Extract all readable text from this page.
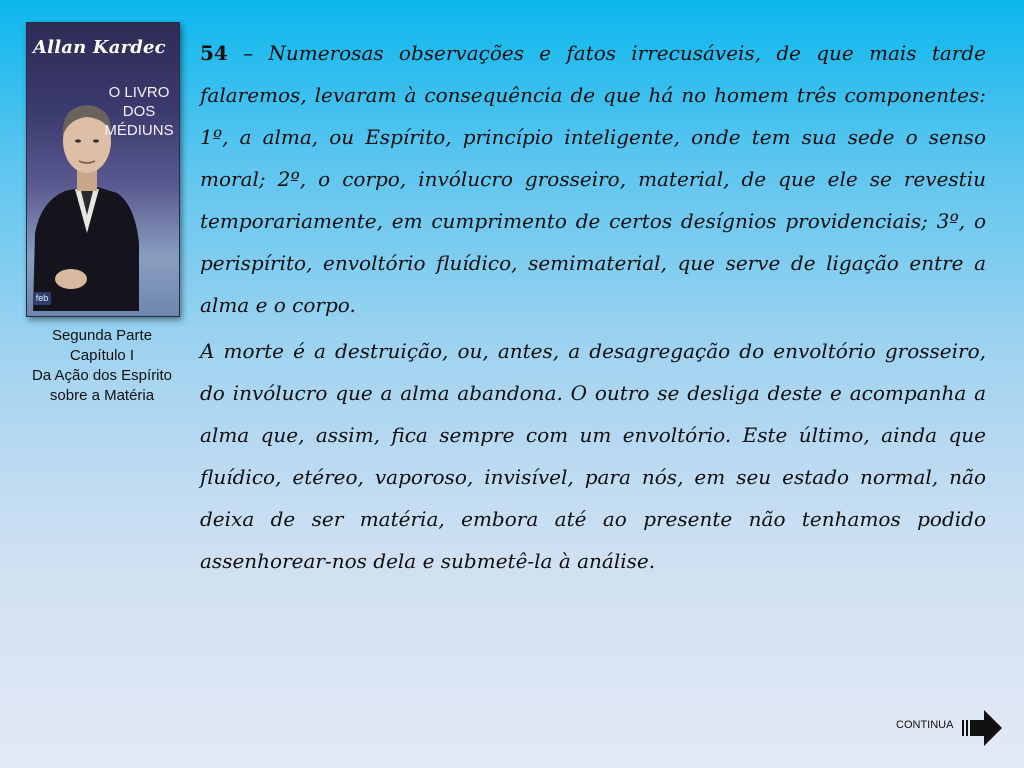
Allan Kardec
O LIVRO
DOS
MÉDIUNS
feb
Segunda Parte
Capítulo I
Da Ação dos Espírito
sobre a Matéria

54 – Numerosas observações e fatos irrecusáveis, de que mais tarde falaremos, levaram à consequência de que há no homem três componentes: 1º, a alma, ou Espírito, princípio inteligente, onde tem sua sede o senso moral; 2º, o corpo, invólucro grosseiro, material, de que ele se revestiu temporariamente, em cumprimento de certos desígnios providenciais; 3º, o perispírito, envoltório fluídico, semimaterial, que serve de ligação entre a alma e o corpo.

A morte é a destruição, ou, antes, a desagregação do envoltório grosseiro, do invólucro que a alma abandona. O outro se desliga deste e acompanha a alma que, assim, fica sempre com um envoltório. Este último, ainda que fluídico, etéreo, vaporoso, invisível, para nós, em seu estado normal, não deixa de ser matéria, embora até ao presente não tenhamos podido assenhorear-nos dela e submetê-la à análise.

CONTINUA
